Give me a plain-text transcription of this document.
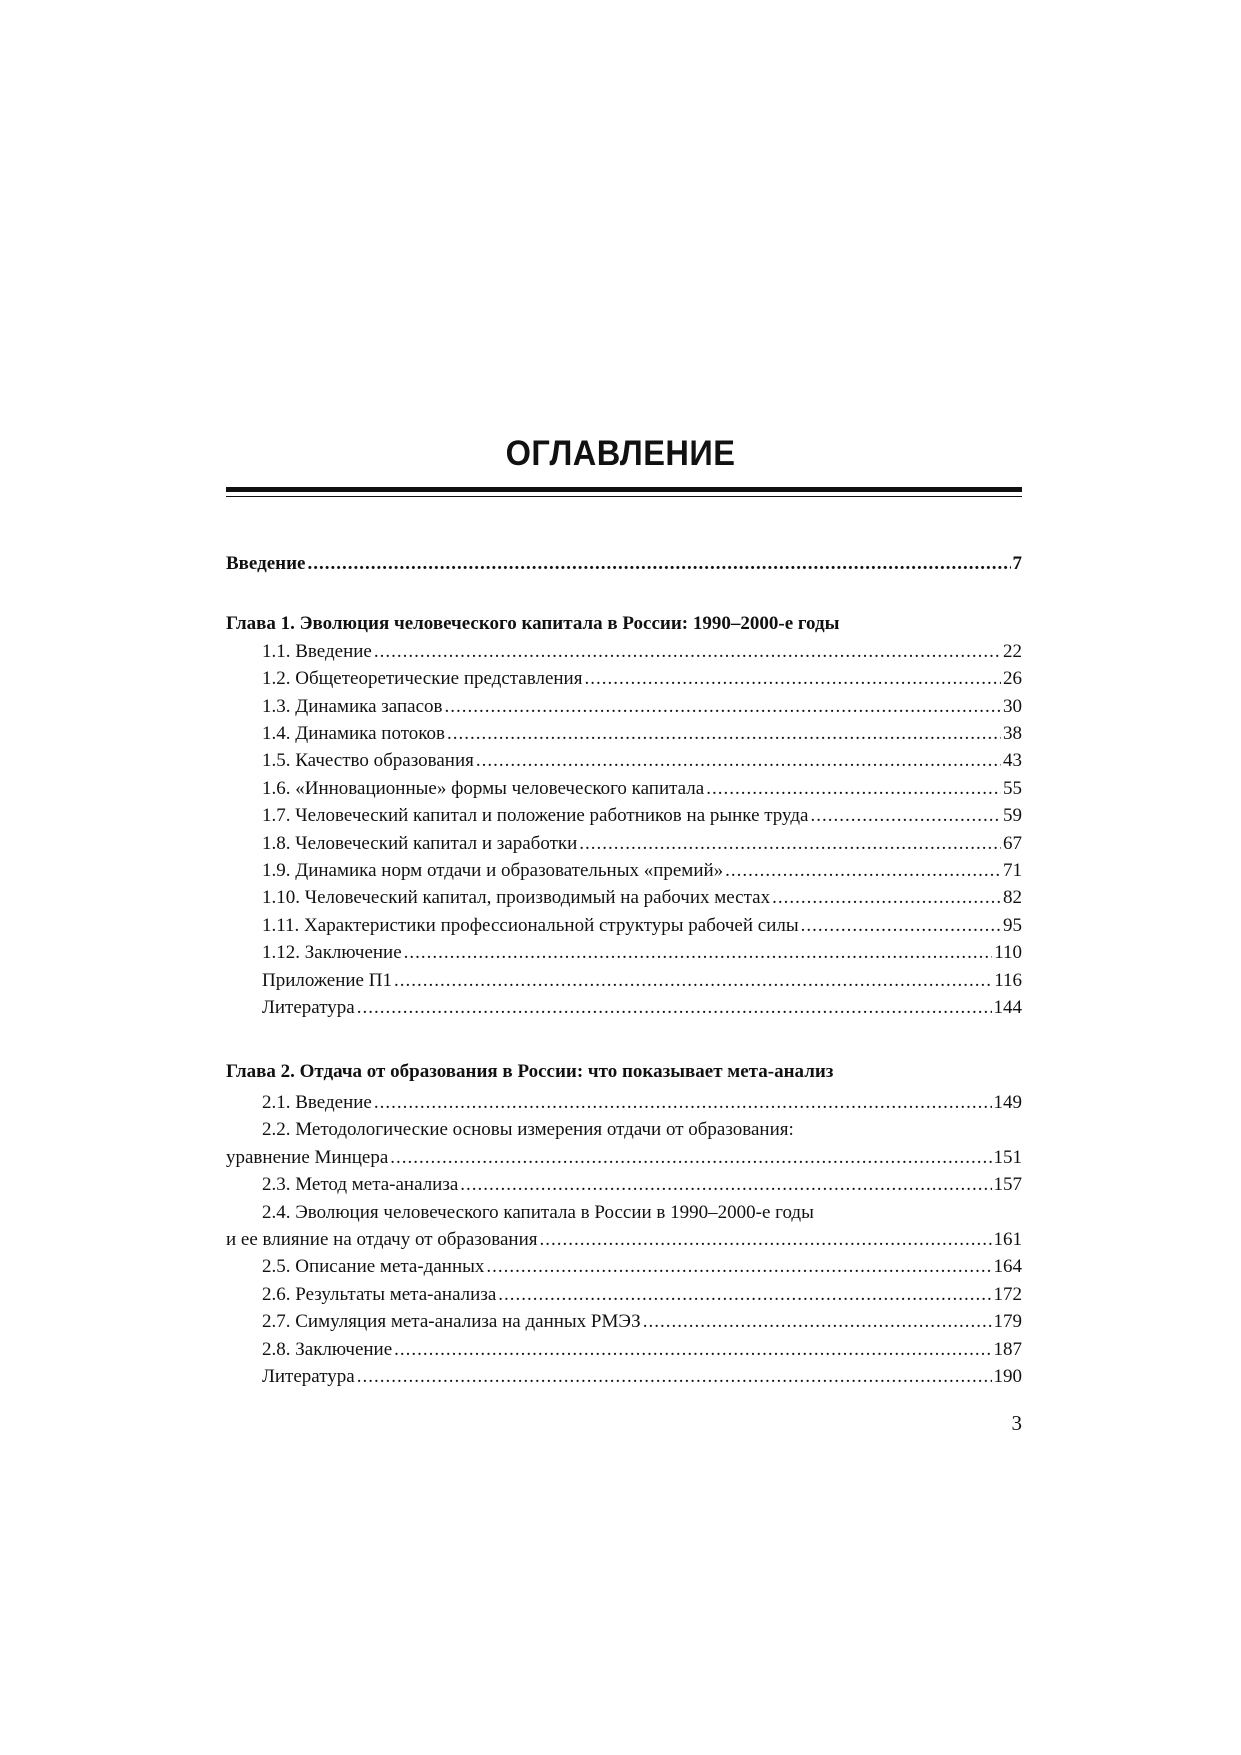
ОГЛАВЛЕНИЕ
Введение .....	7
Глава 1. Эволюция человеческого капитала в России: 1990–2000-е годы
1.1. Введение .....	22
1.2. Общетеоретические представления .....	26
1.3. Динамика запасов .....	30
1.4. Динамика потоков .....	38
1.5. Качество образования .....	43
1.6. «Инновационные» формы человеческого капитала .....	55
1.7. Человеческий капитал и положение работников на рынке труда .....	59
1.8. Человеческий капитал и заработки .....	67
1.9. Динамика норм отдачи и образовательных «премий» .....	71
1.10. Человеческий капитал, производимый на рабочих местах .....	82
1.11. Характеристики профессиональной структуры рабочей силы .....	95
1.12. Заключение .....	110
Приложение П1 .....	116
Литература .....	144
Глава 2. Отдача от образования в России: что показывает мета-анализ
2.1. Введение .....	149
2.2. Методологические основы измерения отдачи от образования:
уравнение Минцера .....	151
2.3. Метод мета-анализа .....	157
2.4. Эволюция человеческого капитала в России в 1990–2000-е годы
и ее влияние на отдачу от образования .....	161
2.5. Описание мета-данных .....	164
2.6. Результаты мета-анализа .....	172
2.7. Симуляция мета-анализа на данных РМЭЗ .....	179
2.8. Заключение .....	187
Литература .....	190
3
